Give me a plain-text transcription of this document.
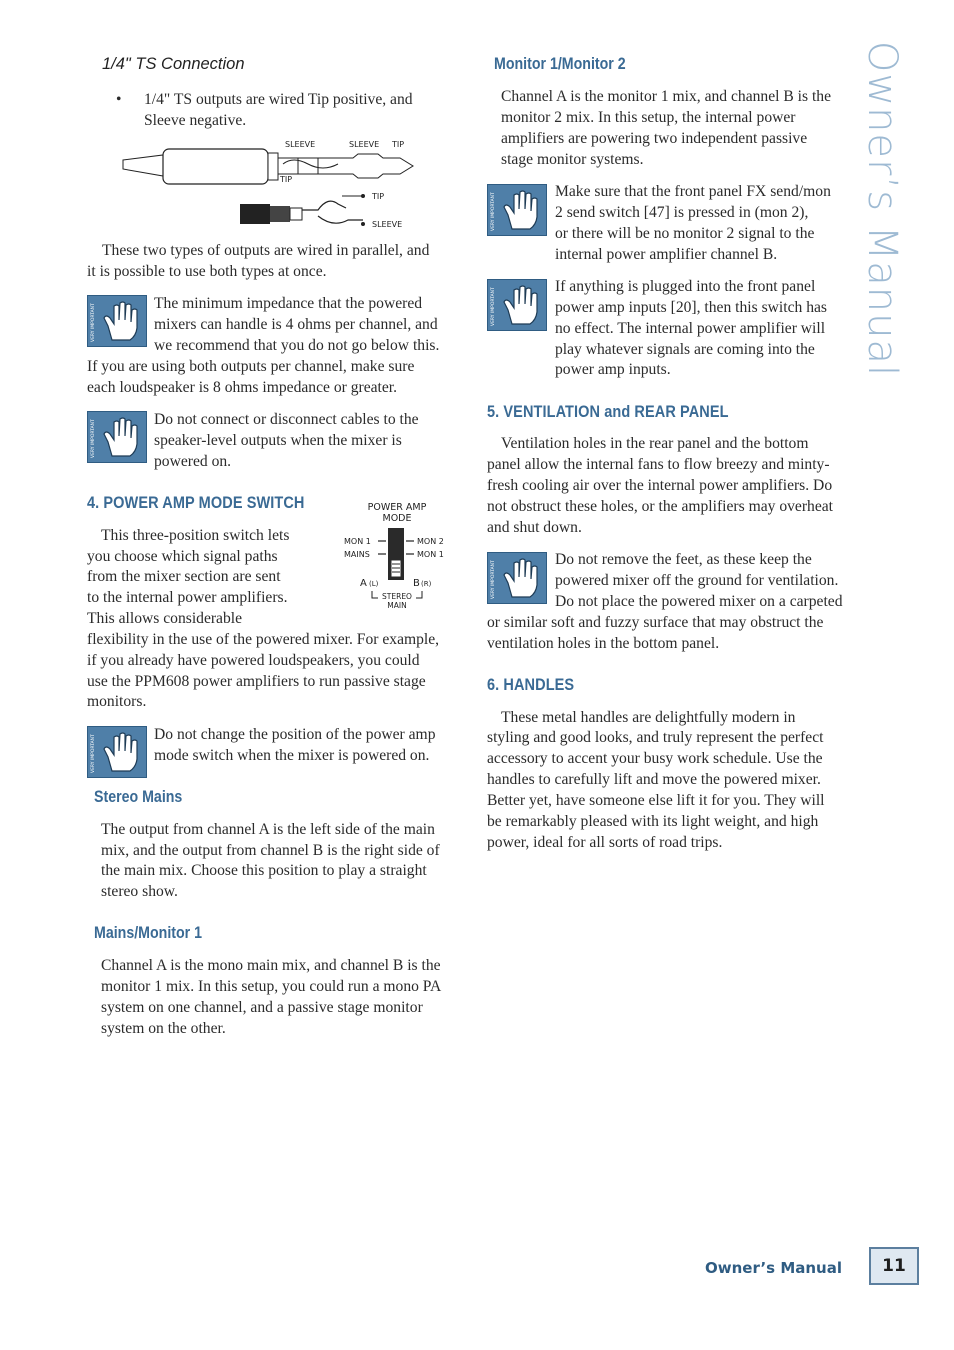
Owner’s Manual
1/4" TS Connection
• 1/4" TS outputs are wired Tip positive, and
Sleeve negative.
SLEEVE	SLEEVE TIP
TIP
TIP
SLEEVE
These two types of outputs are wired in parallel, and
it is possible to use both types at once.
VERY IMPORTANT	The minimum impedance that the powered
mixers can handle is 4 ohms per channel, and
we recommend that you do not go below this.
If you are using both outputs per channel, make sure
each loudspeaker is 8 ohms impedance or greater.
VERY IMPORTANT	Do not connect or disconnect cables to the
speaker-level outputs when the mixer is
powered on.
4. POWER AMP MODE SWITCH
This three-position switch lets
you choose which signal paths
from the mixer section are sent
to the internal power amplifiers.
This allows considerable
flexibility in the use of the powered mixer. For example,
if you already have powered loudspeakers, you could
use the PPM608 power amplifiers to run passive stage
monitors.
POWER AMP
MODE
MON 1	MON 2
MAINS	MON 1
A (L)	B (R)
STEREO
MAIN
VERY IMPORTANT	Do not change the position of the power amp
mode switch when the mixer is powered on.
Stereo Mains
The output from channel A is the left side of the main
mix, and the output from channel B is the right side of
the main mix. Choose this position to play a straight
stereo show.
Mains/Monitor 1
Channel A is the mono main mix, and channel B is the
monitor 1 mix. In this setup, you could run a mono PA
system on one channel, and a passive stage monitor
system on the other.
Monitor 1/Monitor 2
Channel A is the monitor 1 mix, and channel B is the
monitor 2 mix. In this setup, the internal power
amplifiers are powering two independent passive
stage monitor systems.
VERY IMPORTANT
Make sure that the front panel FX send/mon
2 send switch [47] is pressed in (mon 2),
or there will be no monitor 2 signal to the
internal power amplifier channel B.
VERY IMPORTANT
If anything is plugged into the front panel
power amp inputs [20], then this switch has
no effect. The internal power amplifier will
play whatever signals are coming into the
power amp inputs.
5. VENTILATION and REAR PANEL
Ventilation holes in the rear panel and the bottom
panel allow the internal fans to flow breezy and minty-
fresh cooling air over the internal power amplifiers. Do
not obstruct these holes, or the amplifiers may overheat
and shut down.
VERY IMPORTANT
Do not remove the feet, as these keep the
powered mixer off the ground for ventilation.
Do not place the powered mixer on a carpeted
or similar soft and fuzzy surface that may obstruct the
ventilation holes in the bottom panel.
6. HANDLES
These metal handles are delightfully modern in
styling and good looks, and truly represent the perfect
accessory to accent your busy work schedule. Use the
handles to carefully lift and move the powered mixer.
Better yet, have someone else lift it for you. They will
be remarkably pleased with its light weight, and high
power, ideal for all sorts of road trips.
Owner’s Manual	11
